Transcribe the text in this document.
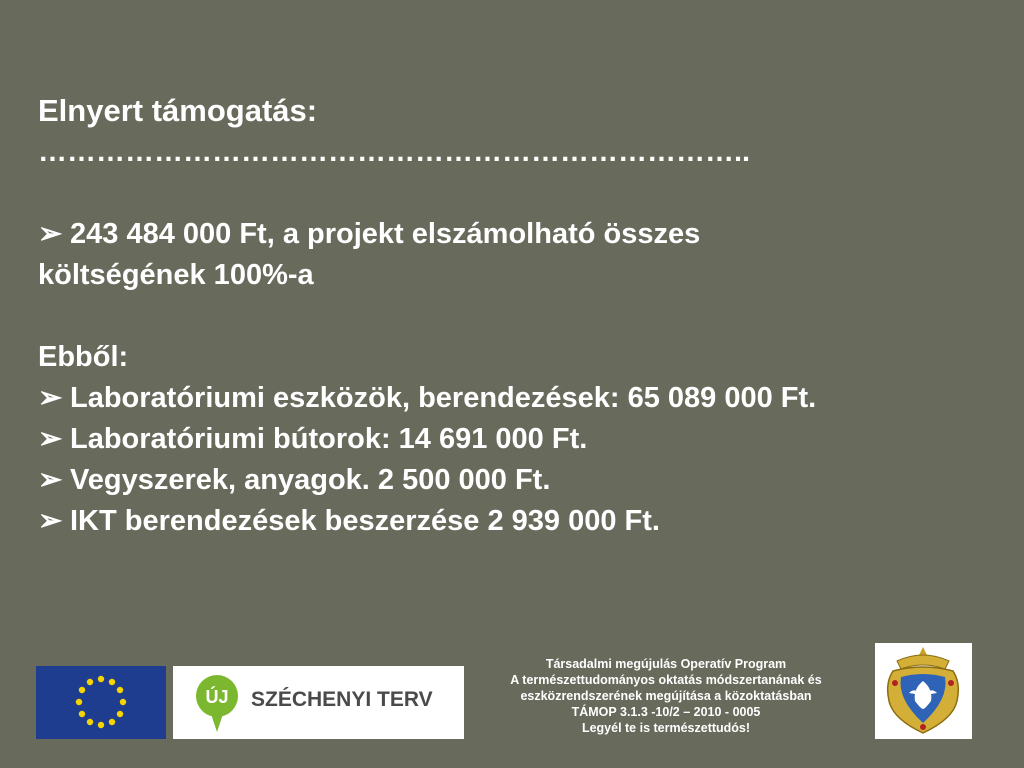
Elnyert támogatás:

………………………………………………………………..

➢ 243 484 000 Ft, a projekt elszámolható összes

költségének 100%-a

Ebből:

➢ Laboratóriumi eszközök, berendezések: 65 089 000 Ft.

➢ Laboratóriumi bútorok: 14 691 000 Ft.

➢ Vegyszerek, anyagok. 2 500 000 Ft.

➢ IKT berendezések beszerzése 2 939 000 Ft.

ÚJ SZÉCHENYI TERV
Társadalmi megújulás Operatív Program
A természettudományos oktatás módszertanának és
eszközrendszerének megújítása a közoktatásban
TÁMOP 3.1.3 -10/2 – 2010 - 0005
Legyél te is természettudós!
